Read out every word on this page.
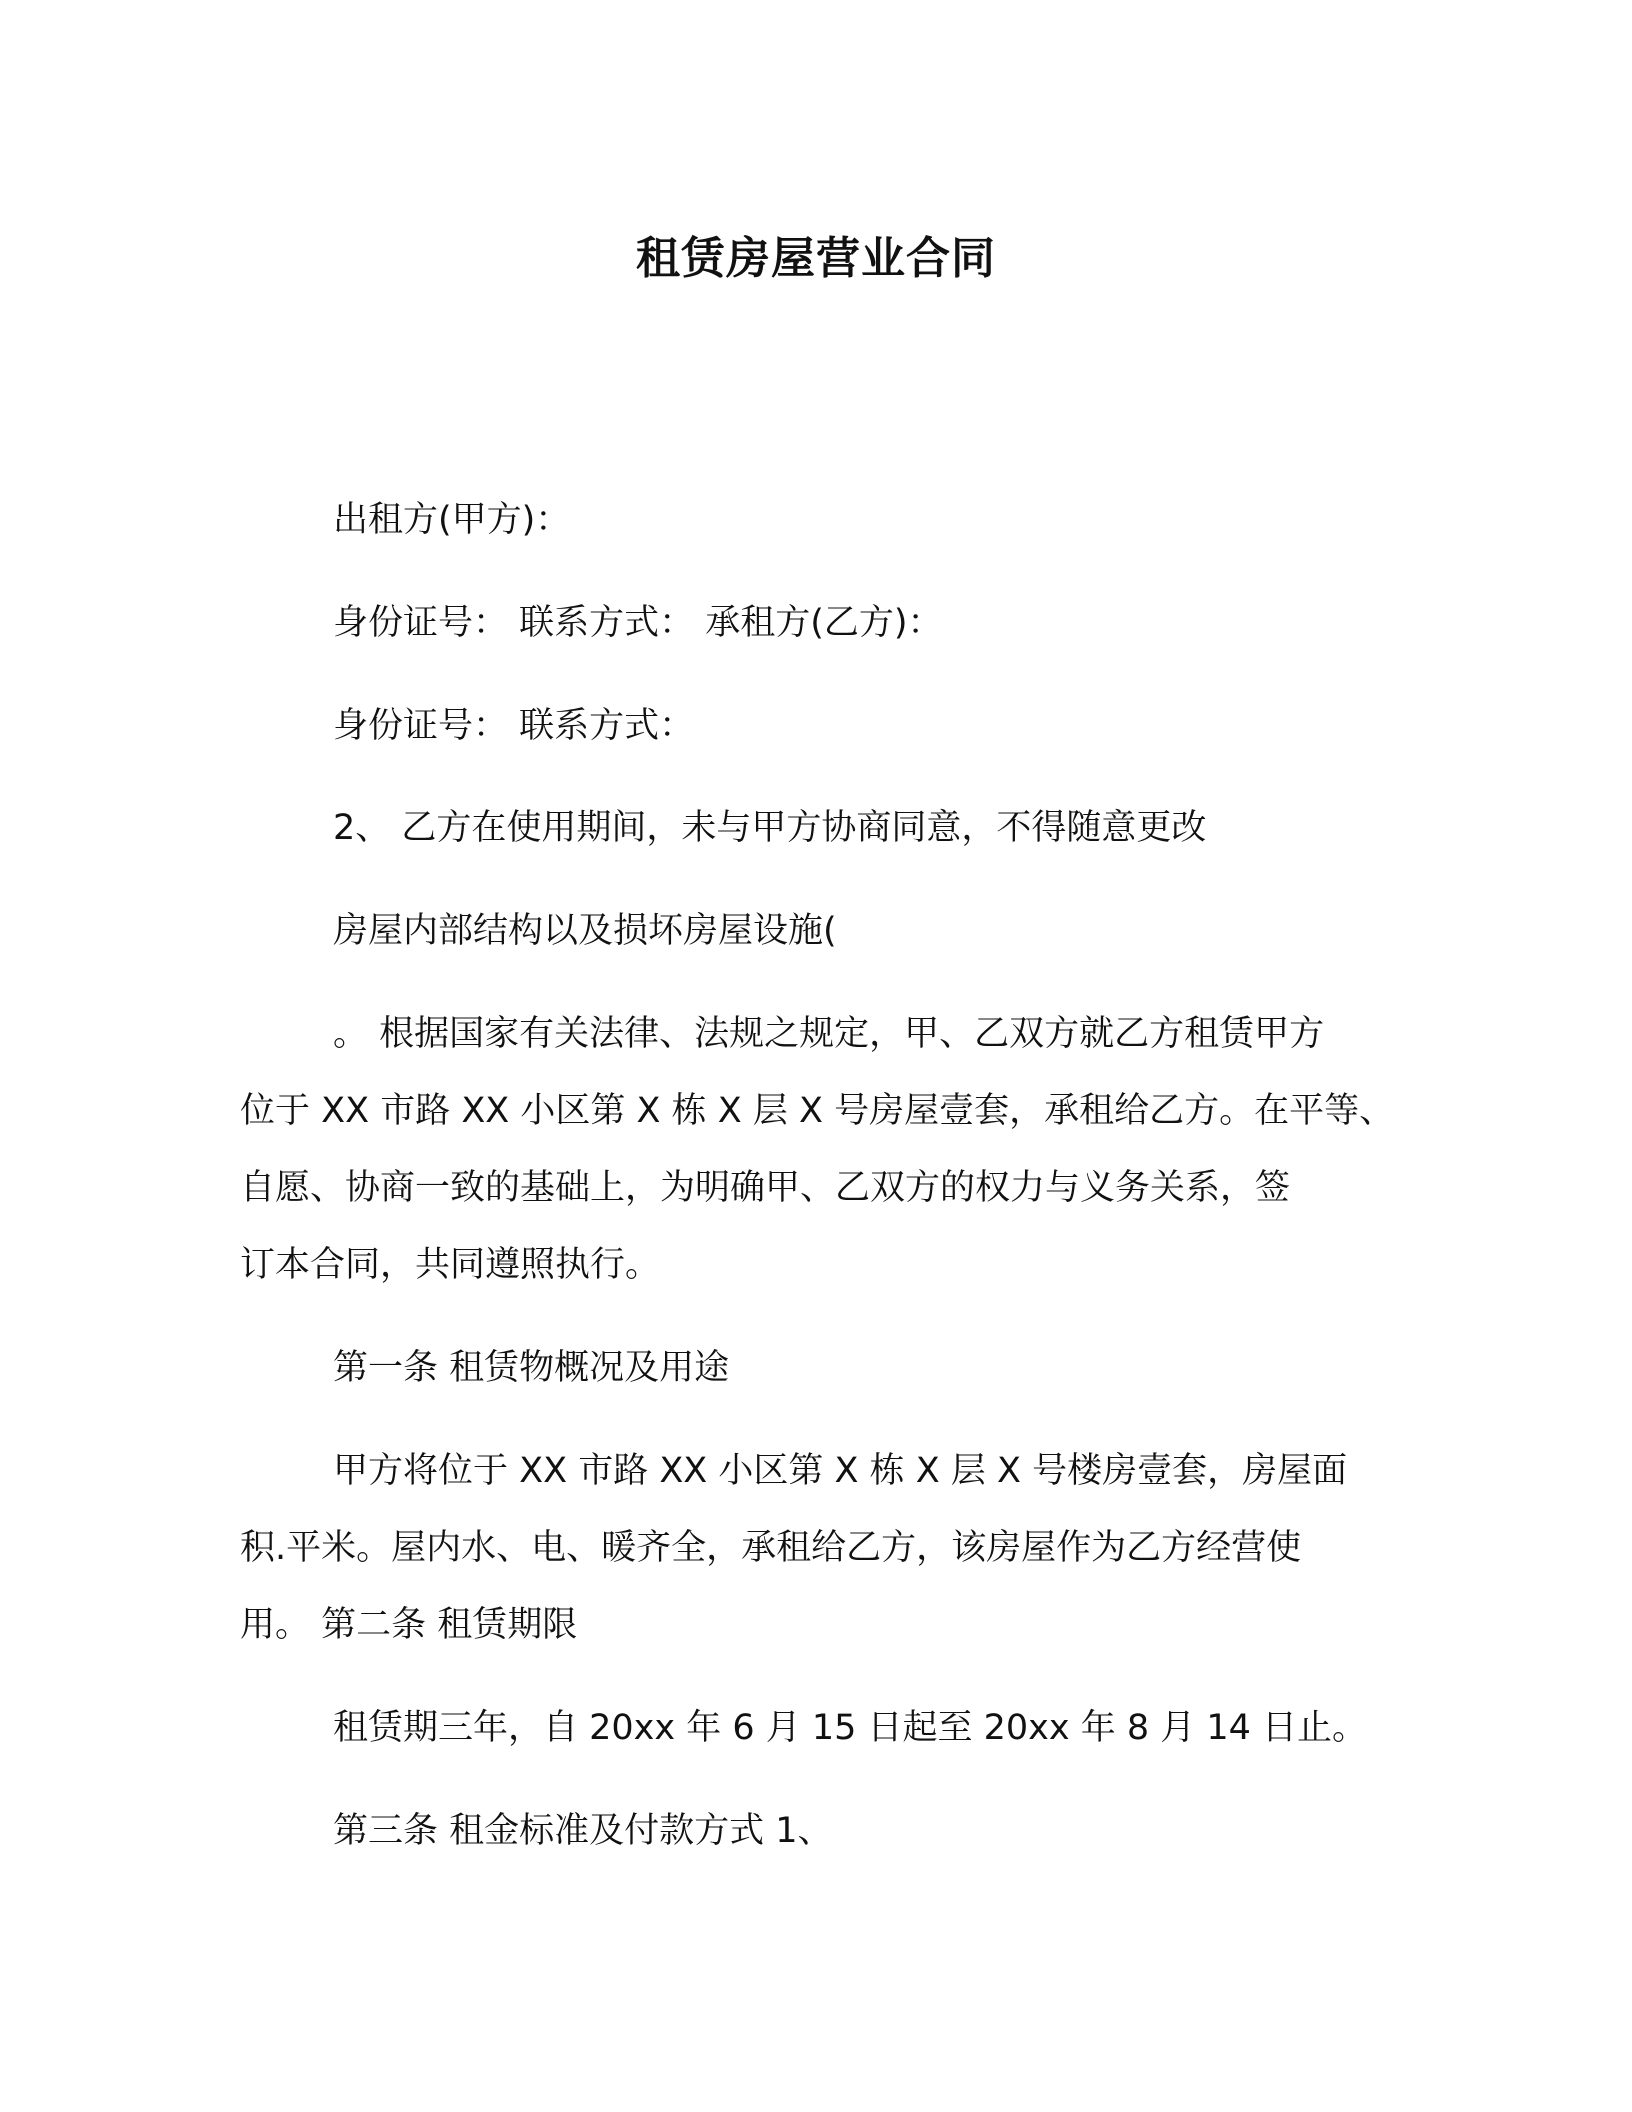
租赁房屋营业合同

出租方(甲方)：

身份证号： 联系方式： 承租方(乙方)：

身份证号： 联系方式：

2、 乙方在使用期间，未与甲方协商同意，不得随意更改

房屋内部结构以及损坏房屋设施(

。 根据国家有关法律、法规之规定，甲、乙双方就乙方租赁甲方

位于 XX 市路 XX 小区第 X 栋 X 层 X 号房屋壹套，承租给乙方。在平等、

自愿、协商一致的基础上，为明确甲、乙双方的权力与义务关系，签

订本合同，共同遵照执行。

第一条 租赁物概况及用途

甲方将位于 XX 市路 XX 小区第 X 栋 X 层 X 号楼房壹套，房屋面

积.平米。屋内水、电、暖齐全，承租给乙方，该房屋作为乙方经营使

用。 第二条 租赁期限

租赁期三年，自 20xx 年 6 月 15 日起至 20xx 年 8 月 14 日止。

第三条 租金标准及付款方式 1、
